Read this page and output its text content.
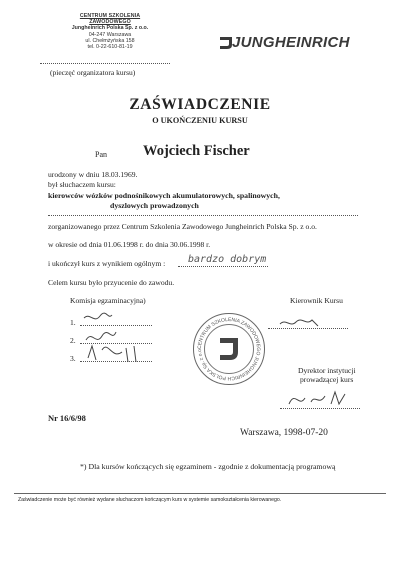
CENTRUM SZKOLENIA ZAWODOWEGO
Jungheinrich Polska Sp. z o.o.
04-247 Warszawa
ul. Chełmżyńska 158
tel. 0-22-610-81-19
(pieczęć organizatora kursu)
JUNGHEINRICH
ZAŚWIADCZENIE
O UKOŃCZENIU KURSU
Pan Wojciech Fischer
urodzony w dniu 18.03.1969.
był słuchaczem kursu:
kierowców wózków podnośnikowych akumulatorowych, spalinowych,
dyszlowych prowadzonych
zorganizowanego przez Centrum Szkolenia Zawodowego Jungheinrich Polska Sp. z o.o.
w okresie od dnia 01.06.1998 r. do dnia 30.06.1998 r.
i ukończył kurs z wynikiem ogólnym : bardzo dobrym
Celem kursu było przyucenie do zawodu.
Komisja egzaminacyjna)
1.
2.
3.
Kierownik Kursu
CENTRUM SZKOLENIA ZAWODOWEGO JUNGHEINRICH POLSKA Sp. z o.o
Dyrektor instytucji
prowadzącej kurs
Nr 16/6/98
Warszawa, 1998-07-20
*) Dla kursów kończących się egzaminem - zgodnie z dokumentacją programową
Zaświadczenie może być również wydane słuchaczom kończącym kurs w systemie samokształcenia kierowanego.
